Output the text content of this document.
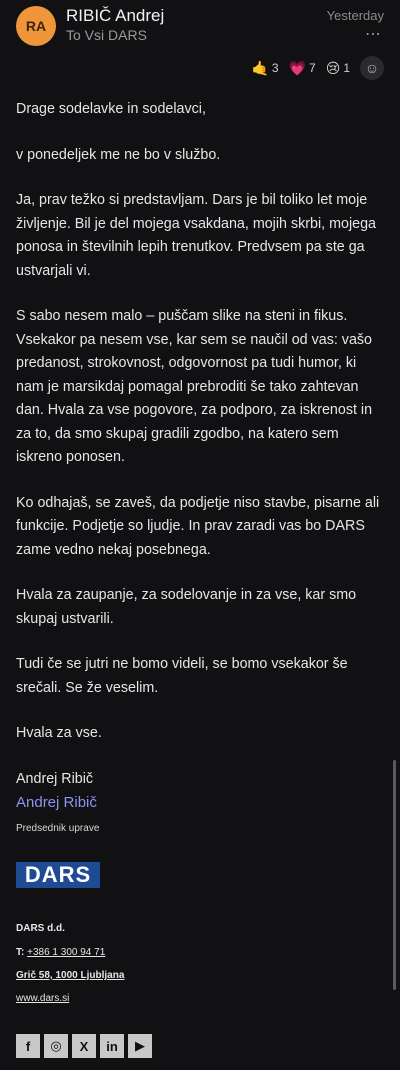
RA
RIBIČ Andrej
To Vsi DARS
Yesterday
⋯
🤙 3 💗 7 😢 1 ☺

Drage sodelavke in sodelavci,

v ponedeljek me ne bo v službo.

Ja, prav težko si predstavljam. Dars je bil toliko let moje življenje. Bil je del mojega vsakdana, mojih skrbi, mojega ponosa in številnih lepih trenutkov. Predvsem pa ste ga ustvarjali vi.

S sabo nesem malo – puščam slike na steni in fikus. Vsekakor pa nesem vse, kar sem se naučil od vas: vašo predanost, strokovnost, odgovornost pa tudi humor, ki nam je marsikdaj pomagal prebroditi še tako zahtevan dan. Hvala za vse pogovore, za podporo, za iskrenost in za to, da smo skupaj gradili zgodbo, na katero sem iskreno ponosen.

Ko odhajaš, se zaveš, da podjetje niso stavbe, pisarne ali funkcije. Podjetje so ljudje. In prav zaradi vas bo DARS zame vedno nekaj posebnega.

Hvala za zaupanje, za sodelovanje in za vse, kar smo skupaj ustvarili.

Tudi če se jutri ne bomo videli, se bomo vsekakor še srečali. Se že veselim.

Hvala za vse.

Andrej Ribič

Andrej Ribič
Predsednik uprave
DARS
DARS d.d.
T: +386 1 300 94 71
Grič 58, 1000 Ljubljana
www.dars.si
f	◎	X	in	▶
